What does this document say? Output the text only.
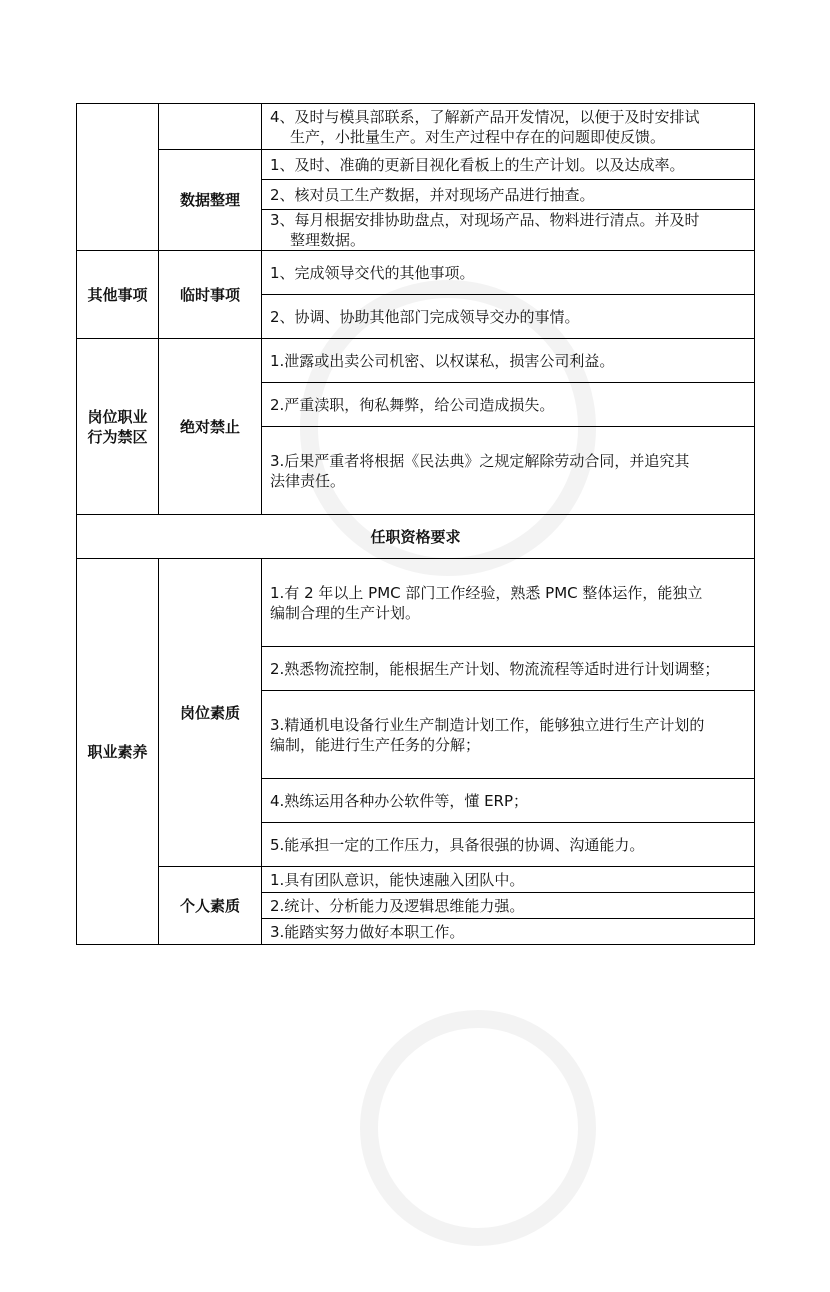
		4、及时与模具部联系，了解新产品开发情况，以便于及时安排试
生产，小批量生产。对生产过程中存在的问题即使反馈。

	数据整理	1、及时、准确的更新目视化看板上的生产计划。以及达成率。
		2、核对员工生产数据，并对现场产品进行抽查。
		3、每月根据安排协助盘点，对现场产品、物料进行清点。并及时
整理数据。

其他事项	临时事项	1、完成领导交代的其他事项。
		2、协调、协助其他部门完成领导交办的事情。

岗位职业
行为禁区	绝对禁止	1.泄露或出卖公司机密、以权谋私，损害公司利益。
		2.严重渎职，徇私舞弊，给公司造成损失。

		3.后果严重者将根据《民法典》之规定解除劳动合同，并追究其
法律责任。

任职资格要求		
职业素养	岗位素质	1.有 2 年以上 PMC 部门工作经验，熟悉 PMC 整体运作，能独立
编制合理的生产计划。

		2.熟悉物流控制，能根据生产计划、物流流程等适时进行计划调整；

		3.精通机电设备行业生产制造计划工作，能够独立进行生产计划的
编制，能进行生产任务的分解；

		4.熟练运用各种办公软件等，懂 ERP；
		5.能承担一定的工作压力，具备很强的协调、沟通能力。
	个人素质	1.具有团队意识，能快速融入团队中。
		2.统计、分析能力及逻辑思维能力强。
		3.能踏实努力做好本职工作。
